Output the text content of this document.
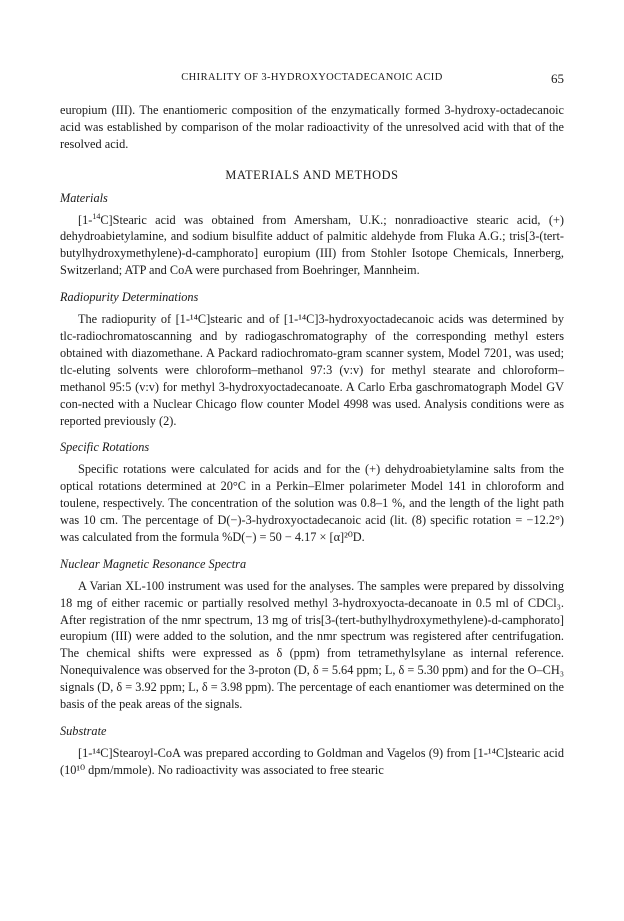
CHIRALITY OF 3-HYDROXYOCTADECANOIC ACID	65

europium (III). The enantiomeric composition of the enzymatically formed 3-hydroxy-octadecanoic acid was established by comparison of the molar radioactivity of the unresolved acid with that of the resolved acid.

MATERIALS AND METHODS
Materials

[1-$^{14}$C]Stearic acid was obtained from Amersham, U.K.; nonradioactive stearic acid, (+) dehydroabietylamine, and sodium bisulfite adduct of palmitic aldehyde from Fluka A.G.; tris[3-(tert-butylhydroxymethylene)-d-camphorato] europium (III) from Stohler Isotope Chemicals, Innerberg, Switzerland; ATP and CoA were purchased from Boehringer, Mannheim.

Radiopurity Determinations

The radiopurity of [1-¹⁴C]stearic and of [1-¹⁴C]3-hydroxyoctadecanoic acids was determined by tlc-radiochromatoscanning and by radiogaschromatography of the corresponding methyl esters obtained with diazomethane. A Packard radiochromato-gram scanner system, Model 7201, was used; tlc-eluting solvents were chloroform–methanol 97:3 (v:v) for methyl stearate and chloroform–methanol 95:5 (v:v) for methyl 3-hydroxyoctadecanoate. A Carlo Erba gaschromatograph Model GV con-nected with a Nuclear Chicago flow counter Model 4998 was used. Analysis conditions were as reported previously (2).

Specific Rotations

Specific rotations were calculated for acids and for the (+) dehydroabietylamine salts from the optical rotations determined at 20°C in a Perkin–Elmer polarimeter Model 141 in chloroform and toulene, respectively. The concentration of the solution was 0.8–1 %, and the length of the light path was 10 cm. The percentage of D(−)-3-hydroxyoctadecanoic acid (lit. (8) specific rotation = −12.2°) was calculated from the formula %D(−) = 50 − 4.17 × [α]²⁰D.

Nuclear Magnetic Resonance Spectra

A Varian XL-100 instrument was used for the analyses. The samples were prepared by dissolving 18 mg of either racemic or partially resolved methyl 3-hydroxyocta-decanoate in 0.5 ml of CDCl₃. After registration of the nmr spectrum, 13 mg of tris[3-(tert-buthylhydroxymethylene)-d-camphorato] europium (III) were added to the solution, and the nmr spectrum was registered after centrifugation. The chemical shifts were expressed as δ (ppm) from tetramethylsylane as internal reference. Nonequivalence was observed for the 3-proton (D, δ = 5.64 ppm; L, δ = 5.30 ppm) and for the O–CH₃ signals (D, δ = 3.92 ppm; L, δ = 3.98 ppm). The percentage of each enantiomer was determined on the basis of the peak areas of the signals.

Substrate

[1-¹⁴C]Stearoyl-CoA was prepared according to Goldman and Vagelos (9) from [1-¹⁴C]stearic acid (10¹⁰ dpm/mmole). No radioactivity was associated to free stearic
